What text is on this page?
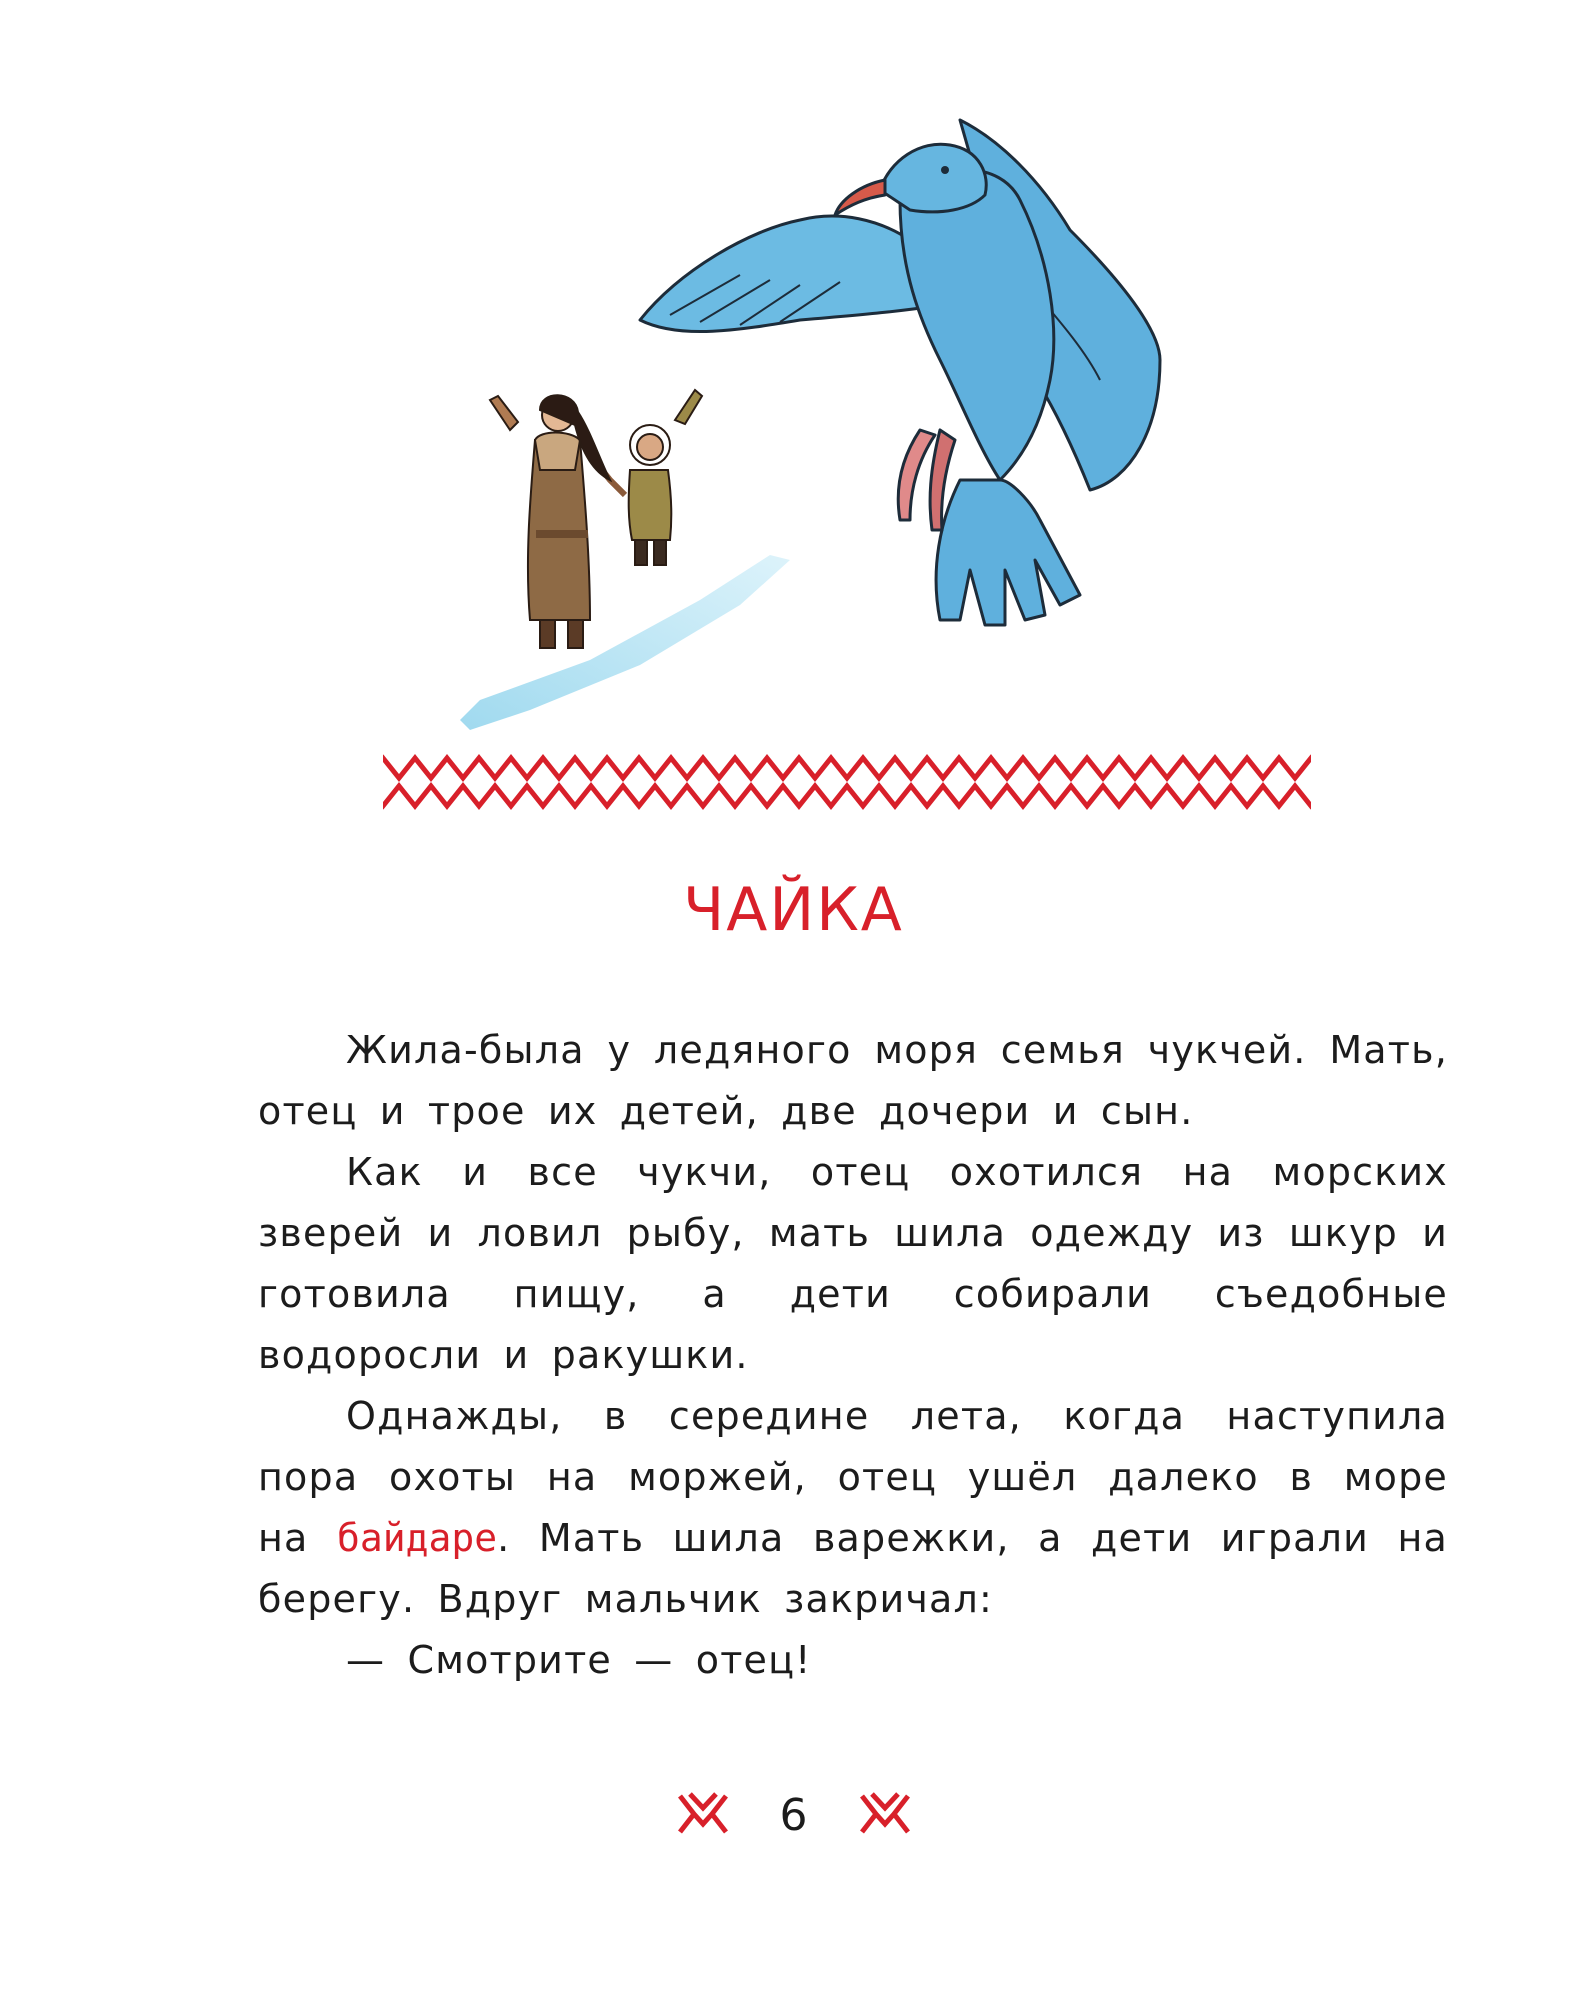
ЧАЙКА

Жила-была у ледяного моря семья чукчей. Мать, отец и трое их детей, две дочери и сын.

Как и все чукчи, отец охотился на морских зверей и ловил рыбу, мать шила одежду из шкур и готовила пищу, а дети собирали съедобные водоросли и ракушки.

Однажды, в середине лета, когда наступила пора охоты на моржей, отец ушёл далеко в море на байдаре. Мать шила варежки, а дети играли на берегу. Вдруг мальчик закричал:

— Смотрите — отец!

6
